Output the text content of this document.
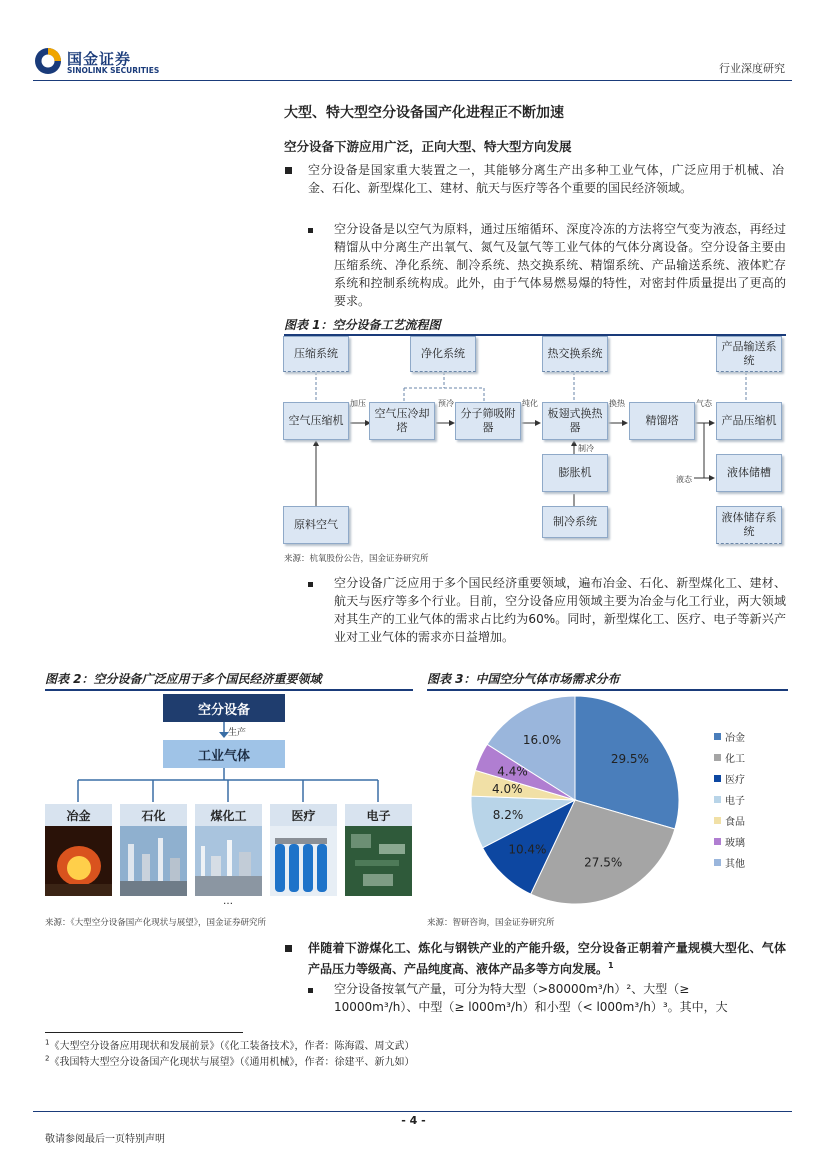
国金证券
SINOLINK SECURITIES	行业深度研究
大型、特大型空分设备国产化进程正不断加速
空分设备下游应用广泛，正向大型、特大型方向发展
空分设备是国家重大装置之一，其能够分离生产出多种工业气体，广泛应用于机械、冶金、石化、新型煤化工、建材、航天与医疗等各个重要的国民经济领域。
空分设备是以空气为原料，通过压缩循环、深度冷冻的方法将空气变为液态，再经过精馏从中分离生产出氧气、氮气及氩气等工业气体的气体分离设备。空分设备主要由压缩系统、净化系统、制冷系统、热交换系统、精馏系统、产品输送系统、液体贮存系统和控制系统构成。此外，由于气体易燃易爆的特性，对密封件质量提出了更高的要求。
图表 1：空分设备工艺流程图
压缩系统	净化系统	热交换系统
产品输送系统
空气压缩机
空气压冷却塔
分子筛吸附器
板翅式换热器
精馏塔	产品压缩机
原料空气
膨胀机
制冷系统
液体储槽
液体储存系统
加压	预冷	纯化	换热	气态
制冷
液态
来源：杭氧股份公告，国金证券研究所
空分设备广泛应用于多个国民经济重要领域，遍布冶金、石化、新型煤化工、建材、航天与医疗等多个行业。目前，空分设备应用领域主要为冶金与化工行业，两大领域对其生产的工业气体的需求占比约为60%。同时，新型煤化工、医疗、电子等新兴产业对工业气体的需求亦日益增加。
图表 2：空分设备广泛应用于多个国民经济重要领域
空分设备
生产
工业气体
冶金	石化	煤化工	医疗	电子
…
来源：《大型空分设备国产化现状与展望》，国金证券研究所
图表 3：中国空分气体市场需求分布
29.5%
27.5%
10.4%
8.2%
4.0%
4.4%
16.0%	冶金
化工
医疗
电子
食品
玻璃
其他
来源：智研咨询，国金证券研究所
伴随着下游煤化工、炼化与钢铁产业的产能升级，空分设备正朝着产量规模大型化、气体产品压力等级高、产品纯度高、液体产品多等方向发展。$^1$
空分设备按氧气产量，可分为特大型（>80000m³/h）²、大型（≥
10000m³/h）、中型（≥ l000m³/h）和小型（< l000m³/h）³。其中，大
$^1$《大型空分设备应用现状和发展前景》（《化工装备技术》，作者：陈海霞、周文武）
$^2$《我国特大型空分设备国产化现状与展望》（《通用机械》，作者：徐建平、新九如）
- 4 -
敬请参阅最后一页特别声明
